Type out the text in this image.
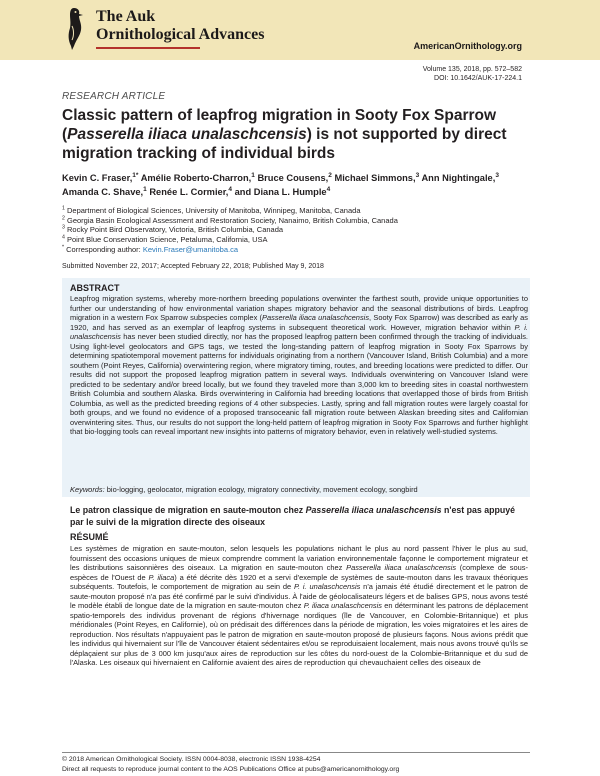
The Auk
Ornithological Advances
AmericanOrnithology.org
Volume 135, 2018, pp. 572–582
DOI: 10.1642/AUK-17-224.1
RESEARCH ARTICLE
Classic pattern of leapfrog migration in Sooty Fox Sparrow (Passerella iliaca unalaschcensis) is not supported by direct migration tracking of individual birds
Kevin C. Fraser,$^{1*}$ Amélie Roberto-Charron,$^1$ Bruce Cousens,$^2$ Michael Simmons,$^3$ Ann Nightingale,$^3$ Amanda C. Shave,$^1$ Renée L. Cormier,$^4$ and Diana L. Humple$^4$
$^1$ Department of Biological Sciences, University of Manitoba, Winnipeg, Manitoba, Canada
$^2$ Georgia Basin Ecological Assessment and Restoration Society, Nanaimo, British Columbia, Canada
$^3$ Rocky Point Bird Observatory, Victoria, British Columbia, Canada
$^4$ Point Blue Conservation Science, Petaluma, California, USA
* Corresponding author: Kevin.Fraser@umanitoba.ca
Submitted November 22, 2017; Accepted February 22, 2018; Published May 9, 2018
ABSTRACT
Leapfrog migration systems, whereby more-northern breeding populations overwinter the farthest south, provide unique opportunities to further our understanding of how environmental variation shapes migratory behavior and the seasonal distributions of birds. Leapfrog migration in a western Fox Sparrow subspecies complex (Passerella iliaca unalaschcensis, Sooty Fox Sparrow) was described as early as 1920, and has served as an exemplar of leapfrog systems in subsequent theoretical work. However, migration behavior within P. i. unalaschcensis has never been studied directly, nor has the proposed leapfrog pattern been confirmed through the tracking of individuals. Using light-level geolocators and GPS tags, we tested the long-standing pattern of leapfrog migration in Sooty Fox Sparrows by determining spatiotemporal movement patterns for individuals originating from a northern (Vancouver Island, British Columbia) and a more southern (Point Reyes, California) overwintering region, where migratory timing, routes, and breeding locations were predicted to differ. Our results did not support the proposed leapfrog migration pattern in several ways. Individuals overwintering on Vancouver Island were predicted to be sedentary and/or breed locally, but we found they traveled more than 3,000 km to breeding sites in coastal northwestern British Columbia and southern Alaska. Birds overwintering in California had breeding locations that overlapped those of birds from British Columbia, as well as the predicted breeding regions of 4 other subspecies. Lastly, spring and fall migration routes were largely coastal for both groups, and we found no evidence of a proposed transoceanic fall migration route between Alaskan breeding sites and Californian overwintering sites. Thus, our results do not support the long-held pattern of leapfrog migration in Sooty Fox Sparrows and further highlight that bio-logging tools can reveal important new insights into patterns of migratory behavior, even in relatively well-studied systems.
Keywords: bio-logging, geolocator, migration ecology, migratory connectivity, movement ecology, songbird
Le patron classique de migration en saute-mouton chez Passerella iliaca unalaschcensis n'est pas appuyé par le suivi de la migration directe des oiseaux
RÉSUMÉ
Les systèmes de migration en saute-mouton, selon lesquels les populations nichant le plus au nord passent l'hiver le plus au sud, fournissent des occasions uniques de mieux comprendre comment la variation environnementale façonne le comportement migrateur et les distributions saisonnières des oiseaux. La migration en saute-mouton chez Passerella iliaca unalaschcensis (complexe de sous-espèces de l'Ouest de P. iliaca) a été décrite dès 1920 et a servi d'exemple de systèmes de saute-mouton dans les travaux théoriques subséquents. Toutefois, le comportement de migration au sein de P. i. unalaschcensis n'a jamais été étudié directement et le patron de saute-mouton proposé n'a pas été confirmé par le suivi d'individus. À l'aide de géolocalisateurs légers et de balises GPS, nous avons testé le modèle établi de longue date de la migration en saute-mouton chez P. iliaca unalaschcensis en déterminant les patrons de déplacement spatio-temporels des individus provenant de régions d'hivernage nordiques (île de Vancouver, en Colombie-Britannique) et plus méridionales (Point Reyes, en Californie), où on prédisait des différences dans la période de migration, les voies migratoires et les aires de reproduction. Nos résultats n'appuyaient pas le patron de migration en saute-mouton proposé de plusieurs façons. Nous avions prédit que les individus qui hivernaient sur l'île de Vancouver étaient sédentaires et/ou se reproduisaient localement, mais nous avons trouvé qu'ils se déplaçaient sur plus de 3 000 km jusqu'aux aires de reproduction sur les côtes du nord-ouest de la Colombie-Britannique et du sud de l'Alaska. Les oiseaux qui hivernaient en Californie avaient des aires de reproduction qui chevauchaient celles des oiseaux de
© 2018 American Ornithological Society. ISSN 0004-8038, electronic ISSN 1938-4254
Direct all requests to reproduce journal content to the AOS Publications Office at pubs@americanornithology.org
